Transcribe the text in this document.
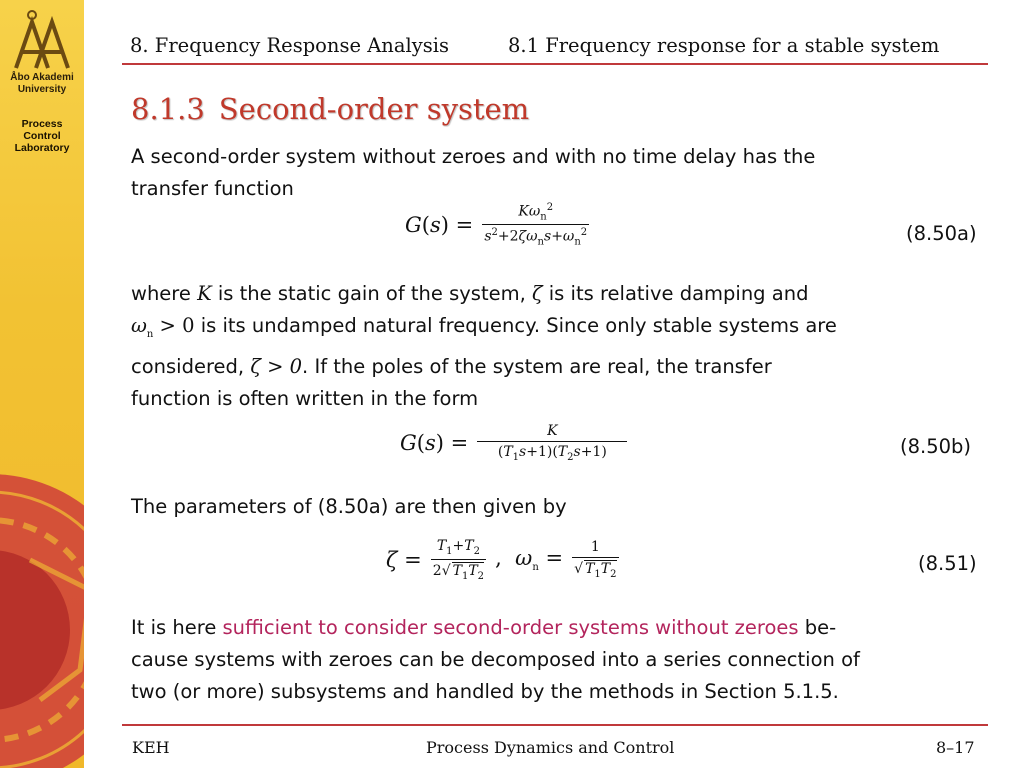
Åbo Akademi
University
Process
Control
Laboratory
8. Frequency Response Analysis	8.1 Frequency response for a stable system
8.1.3 Second-order system
A second-order system without zeroes and with no time delay has the
transfer function
$G(s) = \frac{K\omega_n^2}{s^2+2\zeta\omega_ns+\omega_n^2}$	(8.50a)
where K is the static gain of the system, ζ is its relative damping and
$\omega_n > 0$ is its undamped natural frequency. Since only stable systems are
considered, ζ > 0. If the poles of the system are real, the transfer
function is often written in the form
$G(s) = \frac{K}{(T_1s+1)(T_2s+1)}$	(8.50b)
The parameters of (8.50a) are then given by
$\zeta = \frac{T_1+T_2}{2√ T_1T_2}$ ,  $\omega_n = \frac{1}{√ T_1T_2}$	(8.51)
It is here sufficient to consider second-order systems without zeroes be-
cause systems with zeroes can be decomposed into a series connection of
two (or more) subsystems and handled by the methods in Section 5.1.5.
KEH	Process Dynamics and Control	8–17
